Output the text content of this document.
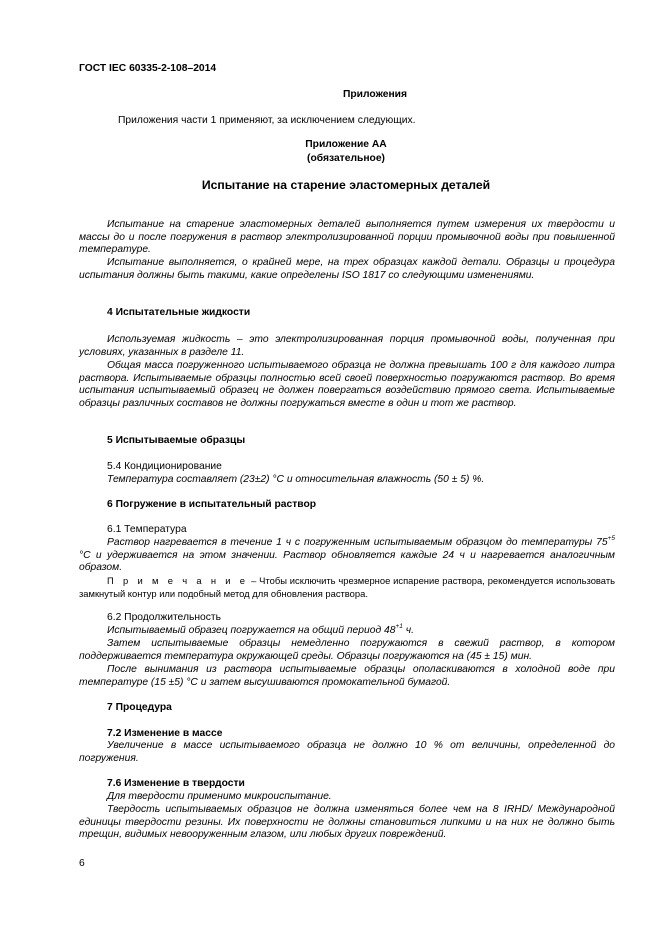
ГОСТ IEC 60335-2-108–2014
Приложения
Приложения части 1 применяют, за исключением следующих.
Приложение АА
(обязательное)
Испытание на старение эластомерных деталей
Испытание на старение эластомерных деталей выполняется путем измерения их твердости и массы до и после погружения в раствор электролизированной порции промывочной воды при повышенной температуре.
Испытание выполняется, о крайней мере, на трех образцах каждой детали. Образцы и процедура испытания должны быть такими, какие определены ISO 1817 со следующими изменениями.
4 Испытательные жидкости
Используемая жидкость – это электролизированная порция промывочной воды, полученная при условиях, указанных в разделе 11.
Общая масса погруженного испытываемого образца не должна превышать 100 г для каждого литра раствора. Испытываемые образцы полностью всей своей поверхностью погружаются раствор. Во время испытания испытываемый образец не должен повергаться воздействию прямого света. Испытываемые образцы различных составов не должны погружаться вместе в один и тот же раствор.
5 Испытываемые образцы
5.4 Кондиционирование
Температура составляет (23±2) °С и относительная влажность (50 ± 5) %.
6 Погружение в испытательный раствор
6.1 Температура
Раствор нагревается в течение 1 ч с погруженным испытываемым образцом до температуры $75^{+5}$ °С и удерживается на этом значении. Раствор обновляется каждые 24 ч и нагревается аналогичным образом.
П р и м е ч а н и е – Чтобы исключить чрезмерное испарение раствора, рекомендуется использовать замкнутый контур или подобный метод для обновления раствора.
6.2 Продолжительность
Испытываемый образец погружается на общий период $48^{+1}$ ч.
Затем испытываемые образцы немедленно погружаются в свежий раствор, в котором поддерживается температура окружающей среды. Образцы погружаются на (45 ± 15) мин.
После вынимания из раствора испытываемые образцы ополаскиваются в холодной воде при температуре (15 ±5) °С и затем высушиваются промокательной бумагой.
7 Процедура
7.2 Изменение в массе
Увеличение в массе испытываемого образца не должно 10 % от величины, определенной до погружения.
7.6 Изменение в твердости
Для твердости применимо микроиспытание.
Твердость испытываемых образцов не должна изменяться более чем на 8 IRHD/ Международной единицы твердости резины. Их поверхности не должны становиться липкими и на них не должно быть трещин, видимых невооруженным глазом, или любых других повреждений.
6
